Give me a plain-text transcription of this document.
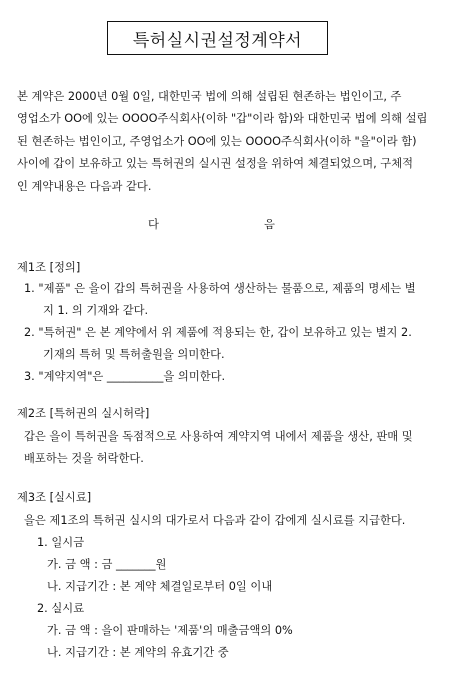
특허실시권설정계약서
본 계약은 2000년 0월 0일, 대한민국 법에 의해 설립된 현존하는 법인이고, 주
영업소가 OO에 있는 OOOO주식회사(이하 "갑"이라 함)와 대한민국 법에 의해 설립
된 현존하는 법인이고, 주영업소가 OO에 있는 OOOO주식회사(이하 "을"이라 함)
사이에 갑이 보유하고 있는 특허권의 실시권 설정을 위하여 체결되었으며, 구체적
인 계약내용은 다음과 같다.
다	음
제1조 [정의]
1. "제품" 은 을이 갑의 특허권을 사용하여 생산하는 물품으로, 제품의 명세는 별
지 1. 의 기재와 같다.
2. "특허권" 은 본 계약에서 위 제품에 적용되는 한, 갑이 보유하고 있는 별지 2.
기재의 특허 및 특허출원을 의미한다.
3. "계약지역"은 __________을 의미한다.
제2조 [특허권의 실시허락]
갑은 을이 특허권을 독점적으로 사용하여 계약지역 내에서 제품을 생산, 판매 및
배포하는 것을 허락한다.
제3조 [실시료]
을은 제1조의 특허권 실시의 대가로서 다음과 같이 갑에게 실시료를 지급한다.
1. 일시금
가. 금 액 : 금 _______원
나. 지급기간 : 본 계약 체결일로부터 0일 이내
2. 실시료
가. 금 액 : 을이 판매하는 '제품'의 매출금액의 0%
나. 지급기간 : 본 계약의 유효기간 중
